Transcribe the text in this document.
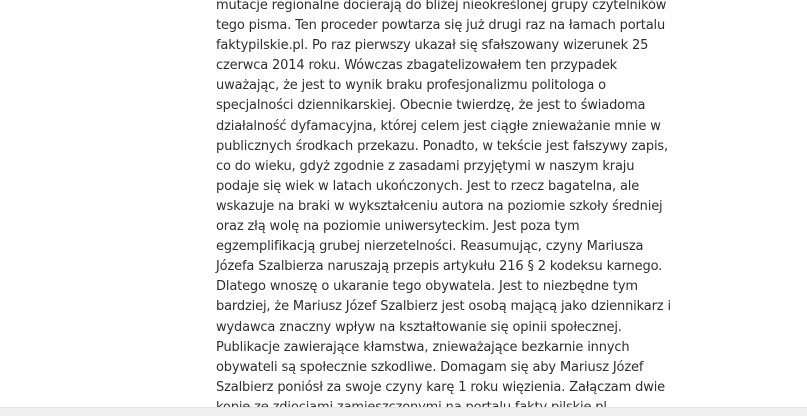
mutacje regionalne docierają do bliżej nieokreślonej grupy czytelników
tego pisma. Ten proceder powtarza się już drugi raz na łamach portalu
faktypilskie.pl. Po raz pierwszy ukazał się sfałszowany wizerunek 25
czerwca 2014 roku. Wówczas zbagatelizowałem ten przypadek
uważając, że jest to wynik braku profesjonalizmu politologa o
specjalności dziennikarskiej. Obecnie twierdzę, że jest to świadoma
działalność dyfamacyjna, której celem jest ciągłe znieważanie mnie w
publicznych środkach przekazu. Ponadto, w tekście jest fałszywy zapis,
co do wieku, gdyż zgodnie z zasadami przyjętymi w naszym kraju
podaje się wiek w latach ukończonych. Jest to rzecz bagatelna, ale
wskazuje na braki w wykształceniu autora na poziomie szkoły średniej
oraz złą wolę na poziomie uniwersyteckim. Jest poza tym
egzemplifikacją grubej nierzetelności. Reasumując, czyny Mariusza
Józefa Szalbierza naruszają przepis artykułu 216 § 2 kodeksu karnego.
Dlatego wnoszę o ukaranie tego obywatela. Jest to niezbędne tym
bardziej, że Mariusz Józef Szalbierz jest osobą mającą jako dziennikarz i
wydawca znaczny wpływ na kształtowanie się opinii społecznej.
Publikacje zawierające kłamstwa, znieważające bezkarnie innych
obywateli są społecznie szkodliwe. Domagam się aby Mariusz Józef
Szalbierz poniósł za swoje czyny karę 1 roku więzienia. Załączam dwie
